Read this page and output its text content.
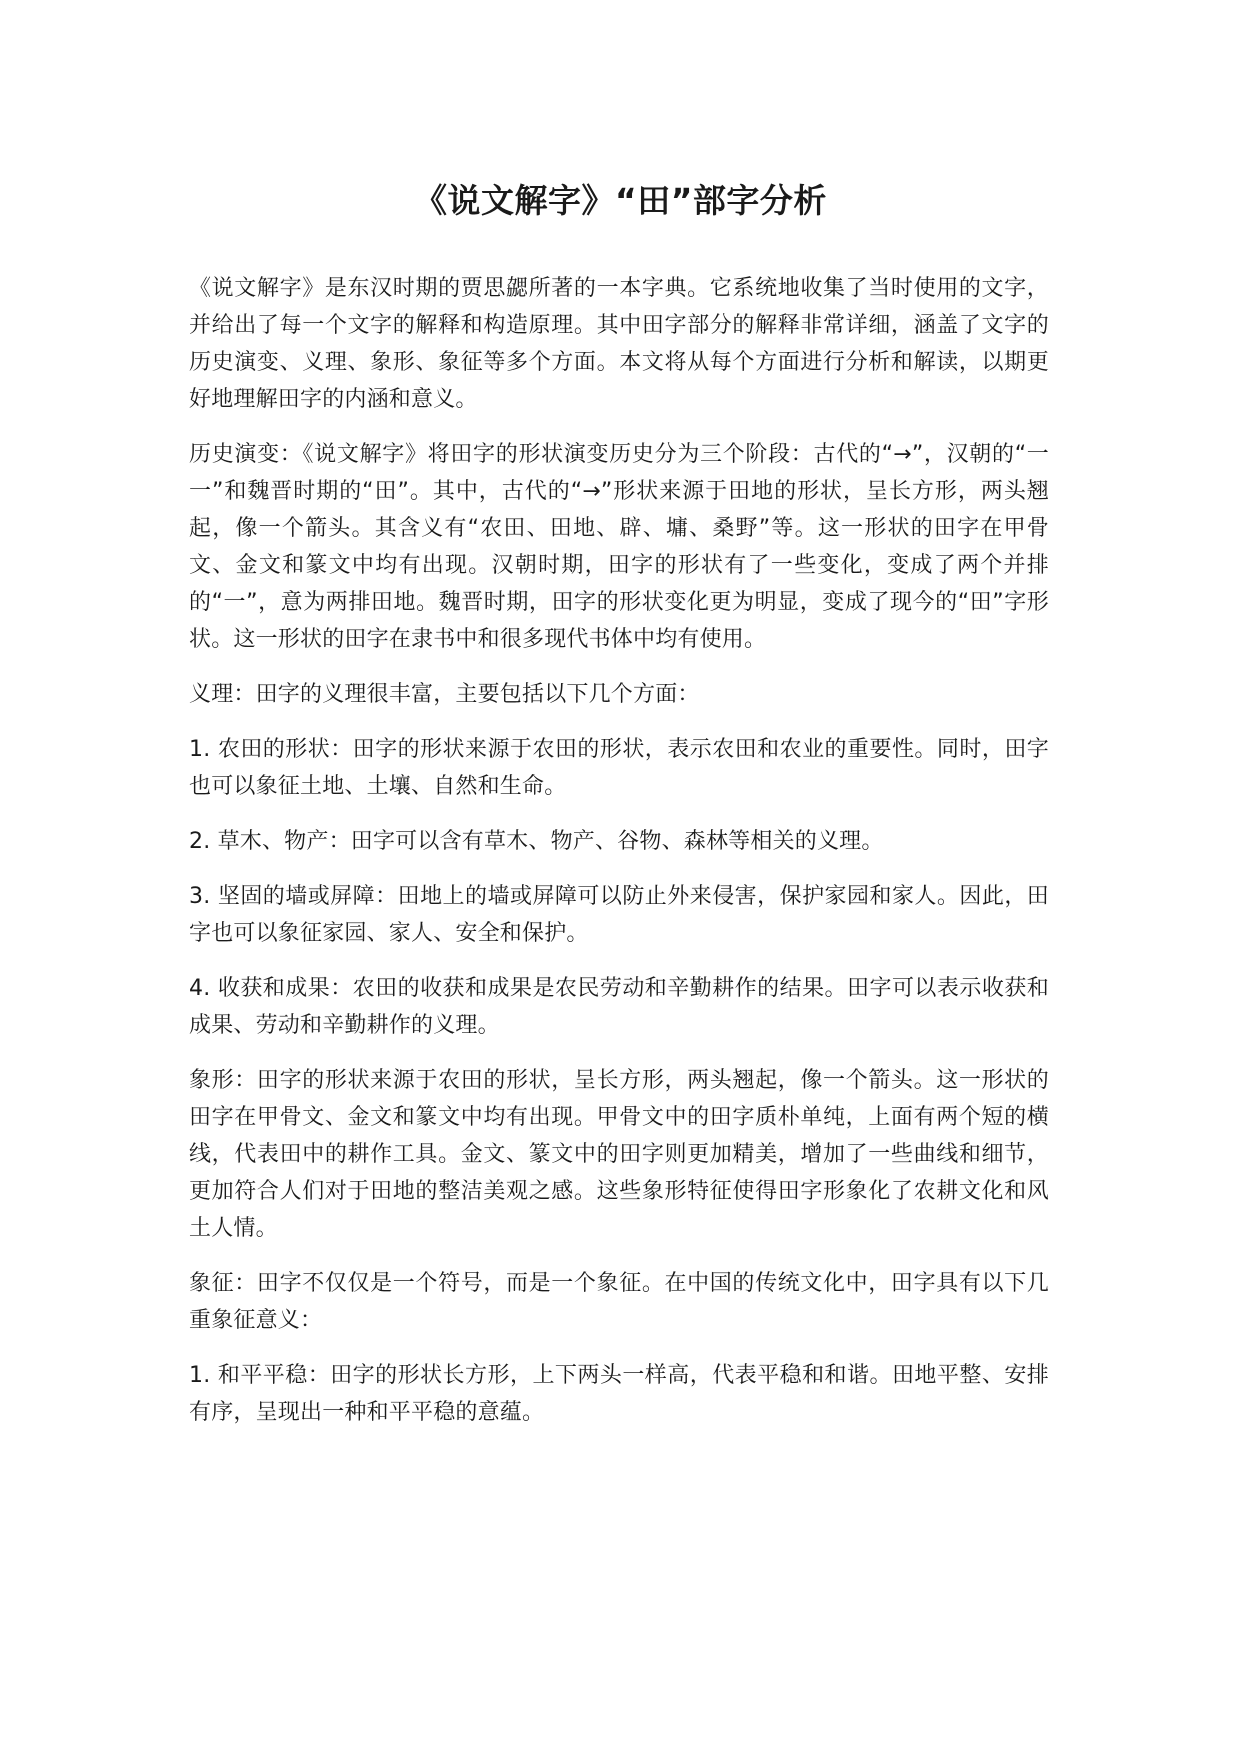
《说文解字》“田”部字分析

《说文解字》是东汉时期的贾思勰所著的一本字典。它系统地收集了当时使用的文字，并给出了每一个文字的解释和构造原理。其中田字部分的解释非常详细，涵盖了文字的历史演变、义理、象形、象征等多个方面。本文将从每个方面进行分析和解读，以期更好地理解田字的内涵和意义。

历史演变：《说文解字》将田字的形状演变历史分为三个阶段：古代的“→”，汉朝的“一一”和魏晋时期的“田”。其中，古代的“→”形状来源于田地的形状，呈长方形，两头翘起，像一个箭头。其含义有“农田、田地、辟、墉、桑野”等。这一形状的田字在甲骨文、金文和篆文中均有出现。汉朝时期，田字的形状有了一些变化，变成了两个并排的“一”，意为两排田地。魏晋时期，田字的形状变化更为明显，变成了现今的“田”字形状。这一形状的田字在隶书中和很多现代书体中均有使用。

义理：田字的义理很丰富，主要包括以下几个方面：

1. 农田的形状：田字的形状来源于农田的形状，表示农田和农业的重要性。同时，田字也可以象征土地、土壤、自然和生命。

2. 草木、物产：田字可以含有草木、物产、谷物、森林等相关的义理。

3. 坚固的墙或屏障：田地上的墙或屏障可以防止外来侵害，保护家园和家人。因此，田字也可以象征家园、家人、安全和保护。

4. 收获和成果：农田的收获和成果是农民劳动和辛勤耕作的结果。田字可以表示收获和成果、劳动和辛勤耕作的义理。

象形：田字的形状来源于农田的形状，呈长方形，两头翘起，像一个箭头。这一形状的田字在甲骨文、金文和篆文中均有出现。甲骨文中的田字质朴单纯，上面有两个短的横线，代表田中的耕作工具。金文、篆文中的田字则更加精美，增加了一些曲线和细节，更加符合人们对于田地的整洁美观之感。这些象形特征使得田字形象化了农耕文化和风土人情。

象征：田字不仅仅是一个符号，而是一个象征。在中国的传统文化中，田字具有以下几重象征意义：

1. 和平平稳：田字的形状长方形，上下两头一样高，代表平稳和和谐。田地平整、安排有序，呈现出一种和平平稳的意蕴。
